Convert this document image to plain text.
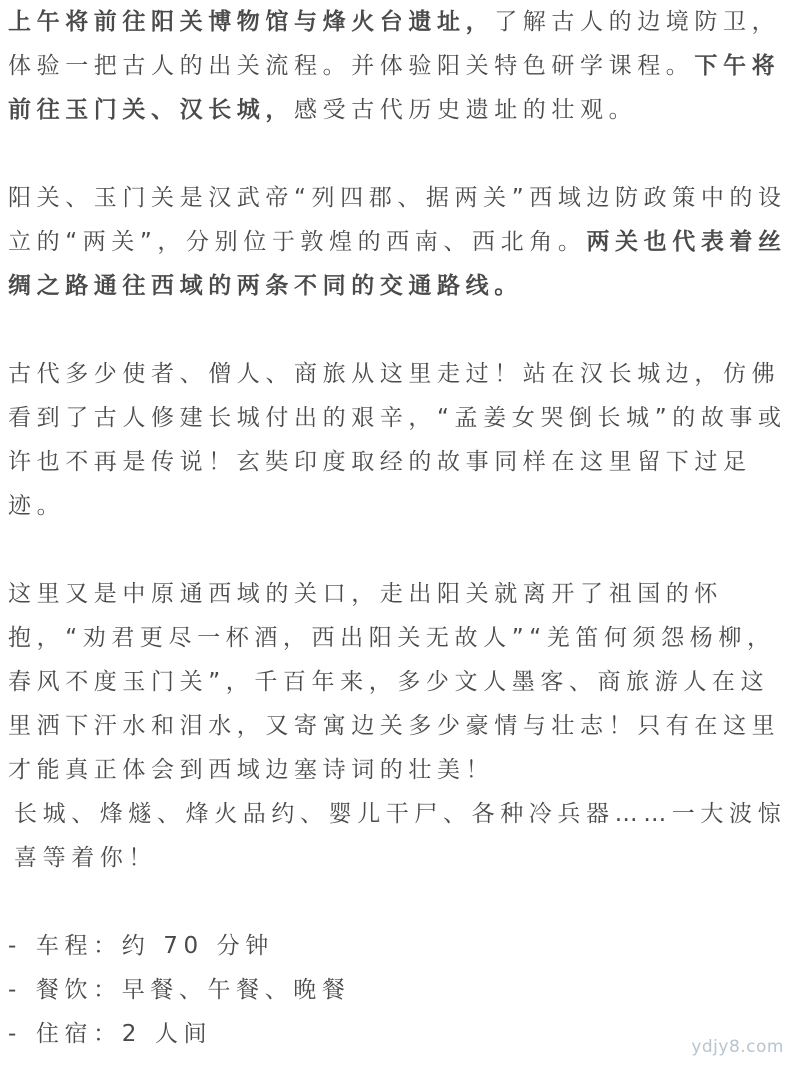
上午将前往阳关博物馆与烽火台遗址，了解古人的边境防卫，体验一把古人的出关流程。并体验阳关特色研学课程。下午将前往玉门关、汉长城，感受古代历史遗址的壮观。

阳关、玉门关是汉武帝“列四郡、据两关”西域边防政策中的设立的“两关”，分别位于敦煌的西南、西北角。两关也代表着丝绸之路通往西域的两条不同的交通路线。

古代多少使者、僧人、商旅从这里走过！站在汉长城边，仿佛看到了古人修建长城付出的艰辛，“孟姜女哭倒长城”的故事或许也不再是传说！玄奘印度取经的故事同样在这里留下过足迹。

这里又是中原通西域的关口，走出阳关就离开了祖国的怀抱，“劝君更尽一杯酒，西出阳关无故人”“羌笛何须怨杨柳，春风不度玉门关”，千百年来，多少文人墨客、商旅游人在这里洒下汗水和泪水，又寄寓边关多少豪情与壮志！只有在这里才能真正体会到西域边塞诗词的壮美！

长城、烽燧、烽火品约、婴儿干尸、各种冷兵器……一大波惊喜等着你！

- 车程：约 70 分钟
- 餐饮：早餐、午餐、晚餐
- 住宿：2 人间	ydjy8.com
